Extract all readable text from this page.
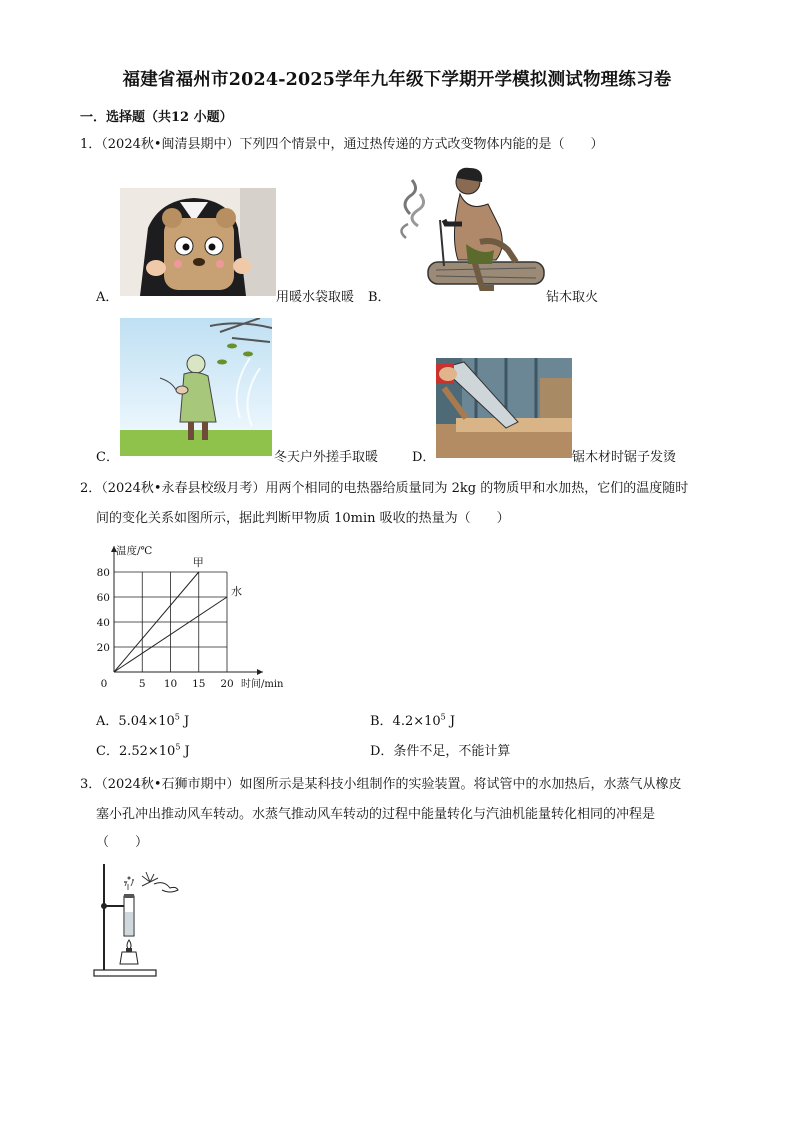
福建省福州市2024-2025学年九年级下学期开学模拟测试物理练习卷
一．选择题（共12 小题）
1．（2024秋•闽清县期中）下列四个情景中，通过热传递的方式改变物体内能的是（　　）
A．	用暖水袋取暖 B．	钻木取火
C．	冬天户外搓手取暖	D．	锯木材时锯子发烫
2．（2024秋•永春县校级月考）用两个相同的电热器给质量同为 2kg 的物质甲和水加热，它们的温度随时
间的变化关系如图所示，据此判断甲物质 10min 吸收的热量为（　　）
甲
水
0	5 10 15 20
20
40
60
80
温度/℃
时间/min
A．$5.04\times 10^5$ J	B．$4.2\times 10^5$ J
C．$2.52\times 10^5$ J	D．条件不足，不能计算
3．（2024秋•石狮市期中）如图所示是某科技小组制作的实验装置。将试管中的水加热后，水蒸气从橡皮
塞小孔冲出推动风车转动。水蒸气推动风车转动的过程中能量转化与汽油机能量转化相同的冲程是
（　　）
